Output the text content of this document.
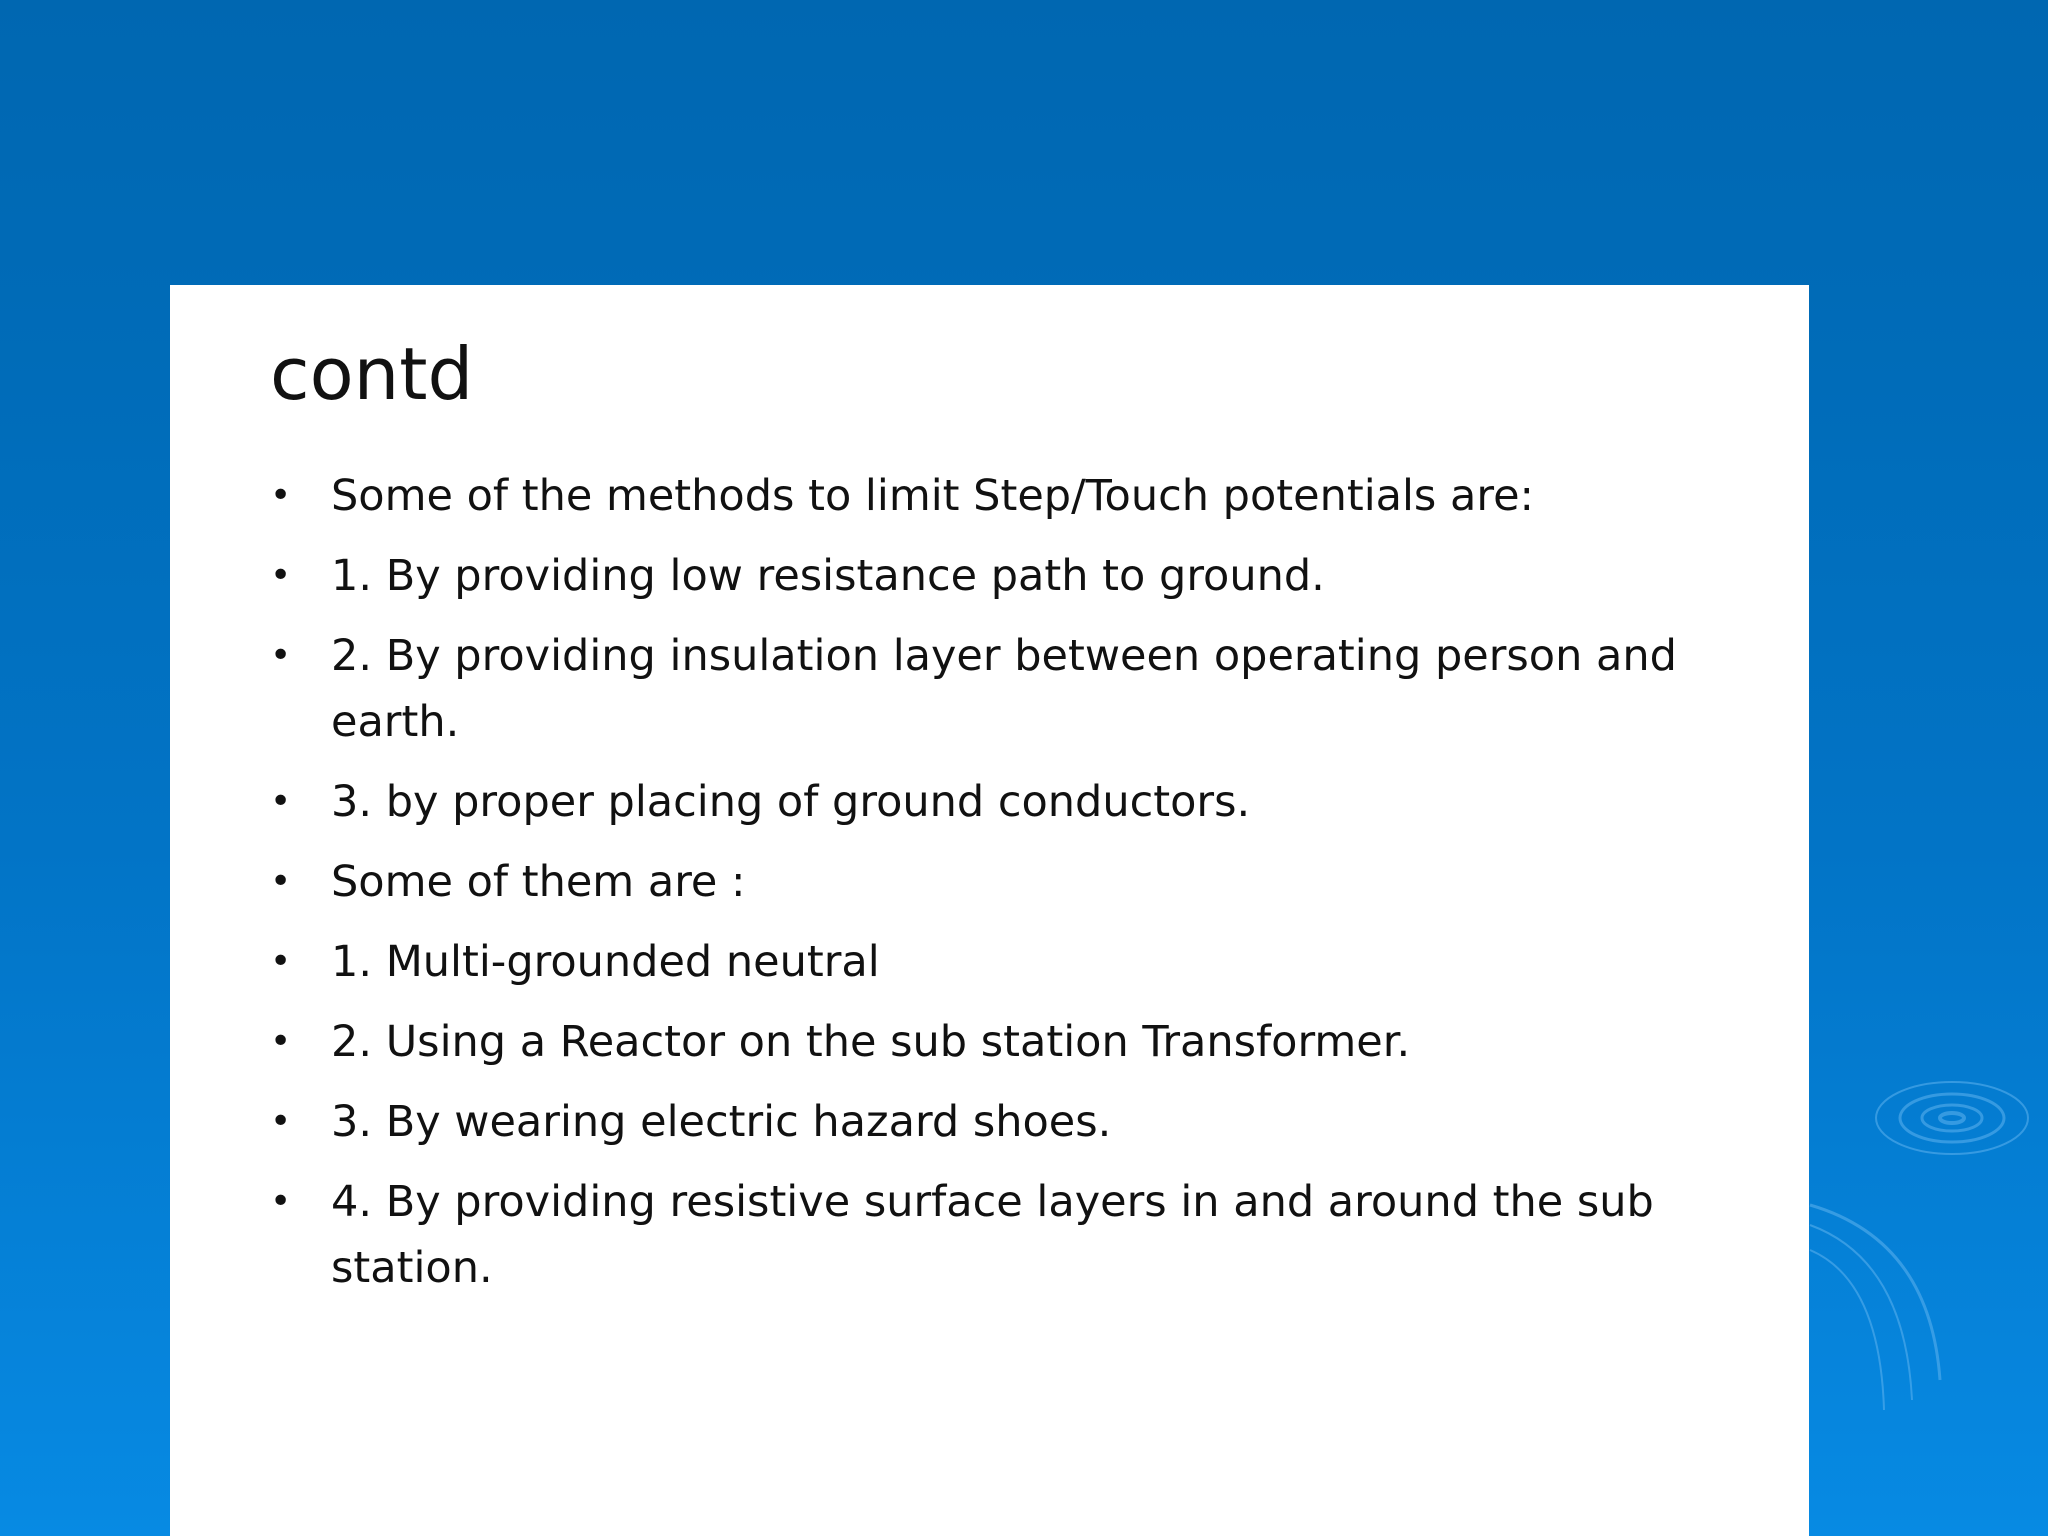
contd
• Some of the methods to limit Step/Touch potentials are:
• 1. By providing low resistance path to ground.
• 2. By providing insulation layer between operating person and earth.
• 3. by proper placing of ground conductors.
• Some of them are :
• 1. Multi-grounded neutral
• 2. Using a Reactor on the sub station Transformer.
• 3. By wearing electric hazard shoes.
• 4. By providing resistive surface layers in and around the sub station.
